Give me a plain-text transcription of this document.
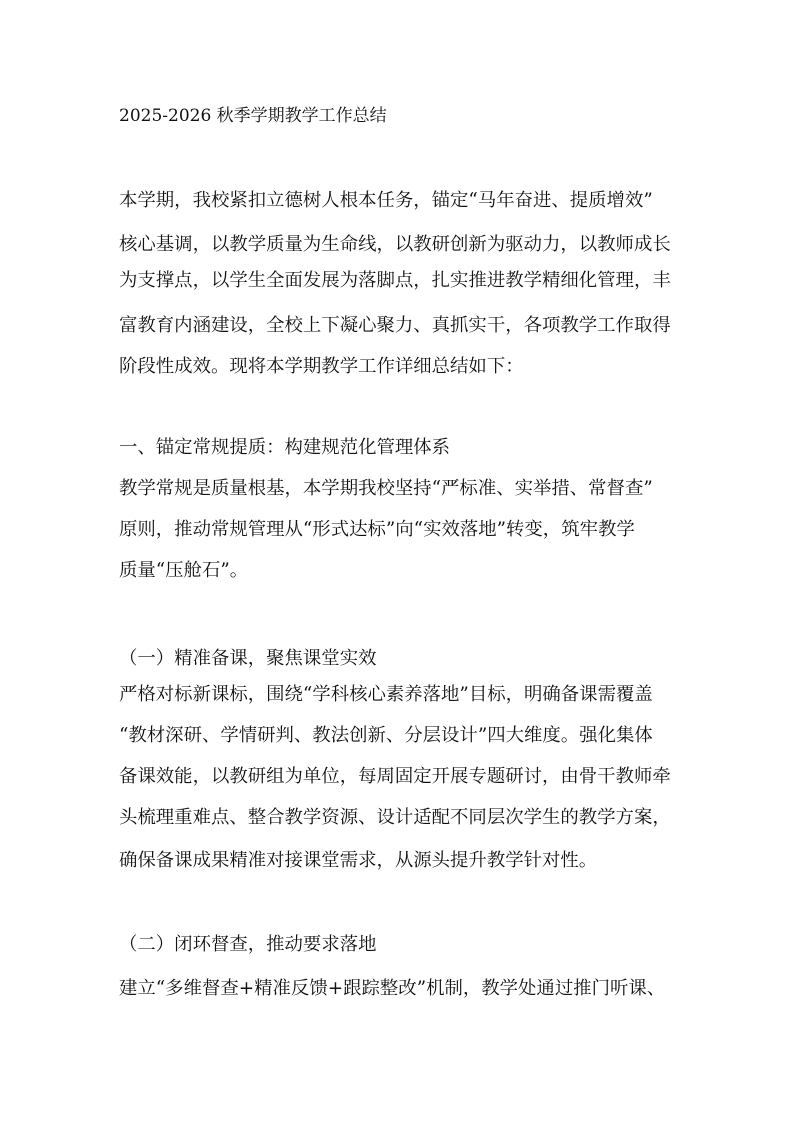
2025-2026 秋季学期教学工作总结
本学期，我校紧扣立德树人根本任务，锚定“马年奋进、提质增效”
核心基调，以教学质量为生命线，以教研创新为驱动力，以教师成长
为支撑点，以学生全面发展为落脚点，扎实推进教学精细化管理，丰
富教育内涵建设，全校上下凝心聚力、真抓实干，各项教学工作取得
阶段性成效。现将本学期教学工作详细总结如下：
一、锚定常规提质：构建规范化管理体系
教学常规是质量根基，本学期我校坚持“严标准、实举措、常督查”
原则，推动常规管理从“形式达标”向“实效落地”转变，筑牢教学
质量“压舱石”。
（一）精准备课，聚焦课堂实效
严格对标新课标，围绕“学科核心素养落地”目标，明确备课需覆盖
“教材深研、学情研判、教法创新、分层设计”四大维度。强化集体
备课效能，以教研组为单位，每周固定开展专题研讨，由骨干教师牵
头梳理重难点、整合教学资源、设计适配不同层次学生的教学方案，
确保备课成果精准对接课堂需求，从源头提升教学针对性。
（二）闭环督查，推动要求落地
建立“多维督查+精准反馈+跟踪整改”机制，教学处通过推门听课、
